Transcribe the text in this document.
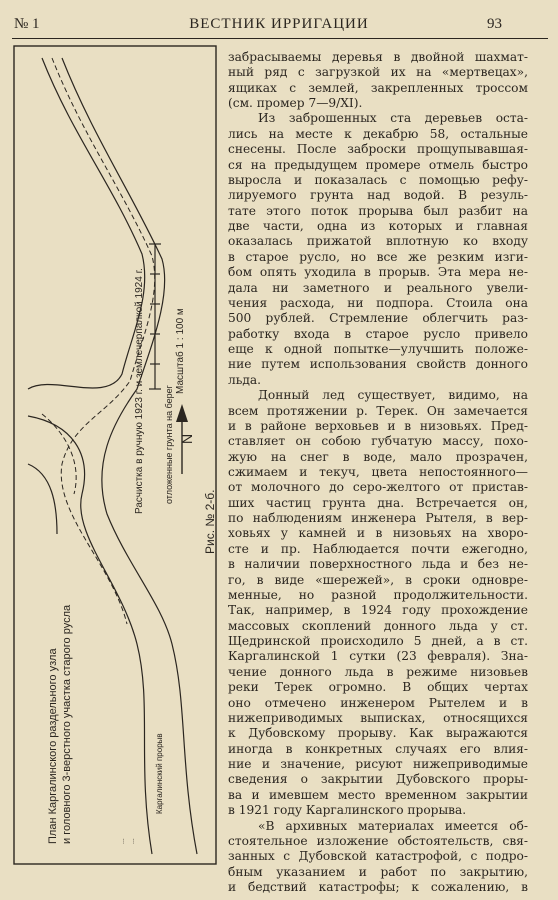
№ 1	ВЕСТНИК ИРРИГАЦИИ	93
N
Расчистка в ручную 1923 г. и землечерпалкой 1924 г. отложенные грунта на берег
Масштаб 1 : 100 м
Рис. № 2-б.
План Каргалинского раздельного узла и головного 3-верстного участка старого русла	Каргалинский прорыв
... ...
забрасываемы деревья в двойной шахмат-
ный ряд с загрузкой их на «мертвецах»,
ящиках с землей, закрепленных троссом
(см. промер 7—9/XI).
Из заброшенных ста деревьев оста-
лись на месте к декабрю 58, остальные
снесены. После заброски прощупывавшая-
ся на предыдущем промере отмель быстро
выросла и показалась с помощью рефу-
лируемого грунта над водой. В резуль-
тате этого поток прорыва был разбит на
две части, одна из которых и главная
оказалась прижатой вплотную ко входу
в старое русло, но все же резким изги-
бом опять уходила в прорыв. Эта мера не-
дала ни заметного и реального увели-
чения расхода, ни подпора. Стоила она
500 рублей. Стремление облегчить раз-
работку входа в старое русло привело
еще к одной попытке—улучшить положе-
ние путем использования свойств донного
льда.
Донный лед существует, видимо, на
всем протяжении р. Терек. Он замечается
и в районе верховьев и в низовьях. Пред-
ставляет он собою губчатую массу, похо-
жую на снег в воде, мало прозрачен,
сжимаем и текуч, цвета непостоянного—
от молочного до серо-желтого от пристав-
ших частиц грунта дна. Встречается он,
по наблюдениям инженера Рытеля, в вер-
ховьях у камней и в низовьях на хворо-
сте и пр. Наблюдается почти ежегодно,
в наличии поверхностного льда и без не-
го, в виде «шережей», в сроки одновре-
менные, но разной продолжительности.
Так, например, в 1924 году прохождение
массовых скоплений донного льда у ст.
Щедринской происходило 5 дней, а в ст.
Каргалинской 1 сутки (23 февраля). Зна-
чение донного льда в режиме низовьев
реки Терек огромно. В общих чертах
оно отмечено инженером Рытелем и в
нижеприводимых выписках, относящихся
к Дубовскому прорыву. Как выражаются
иногда в конкретных случаях его влия-
ние и значение, рисуют нижеприводимые
сведения о закрытии Дубовского проры-
ва и имевшем место временном закрытии
в 1921 году Каргалинского прорыва.
«В архивных материалах имеется об-
стоятельное изложение обстоятельств, свя-
занных с Дубовской катастрофой, с подро-
бным указанием и работ по закрытию,
и бедствий катастрофы; к сожалению, в
